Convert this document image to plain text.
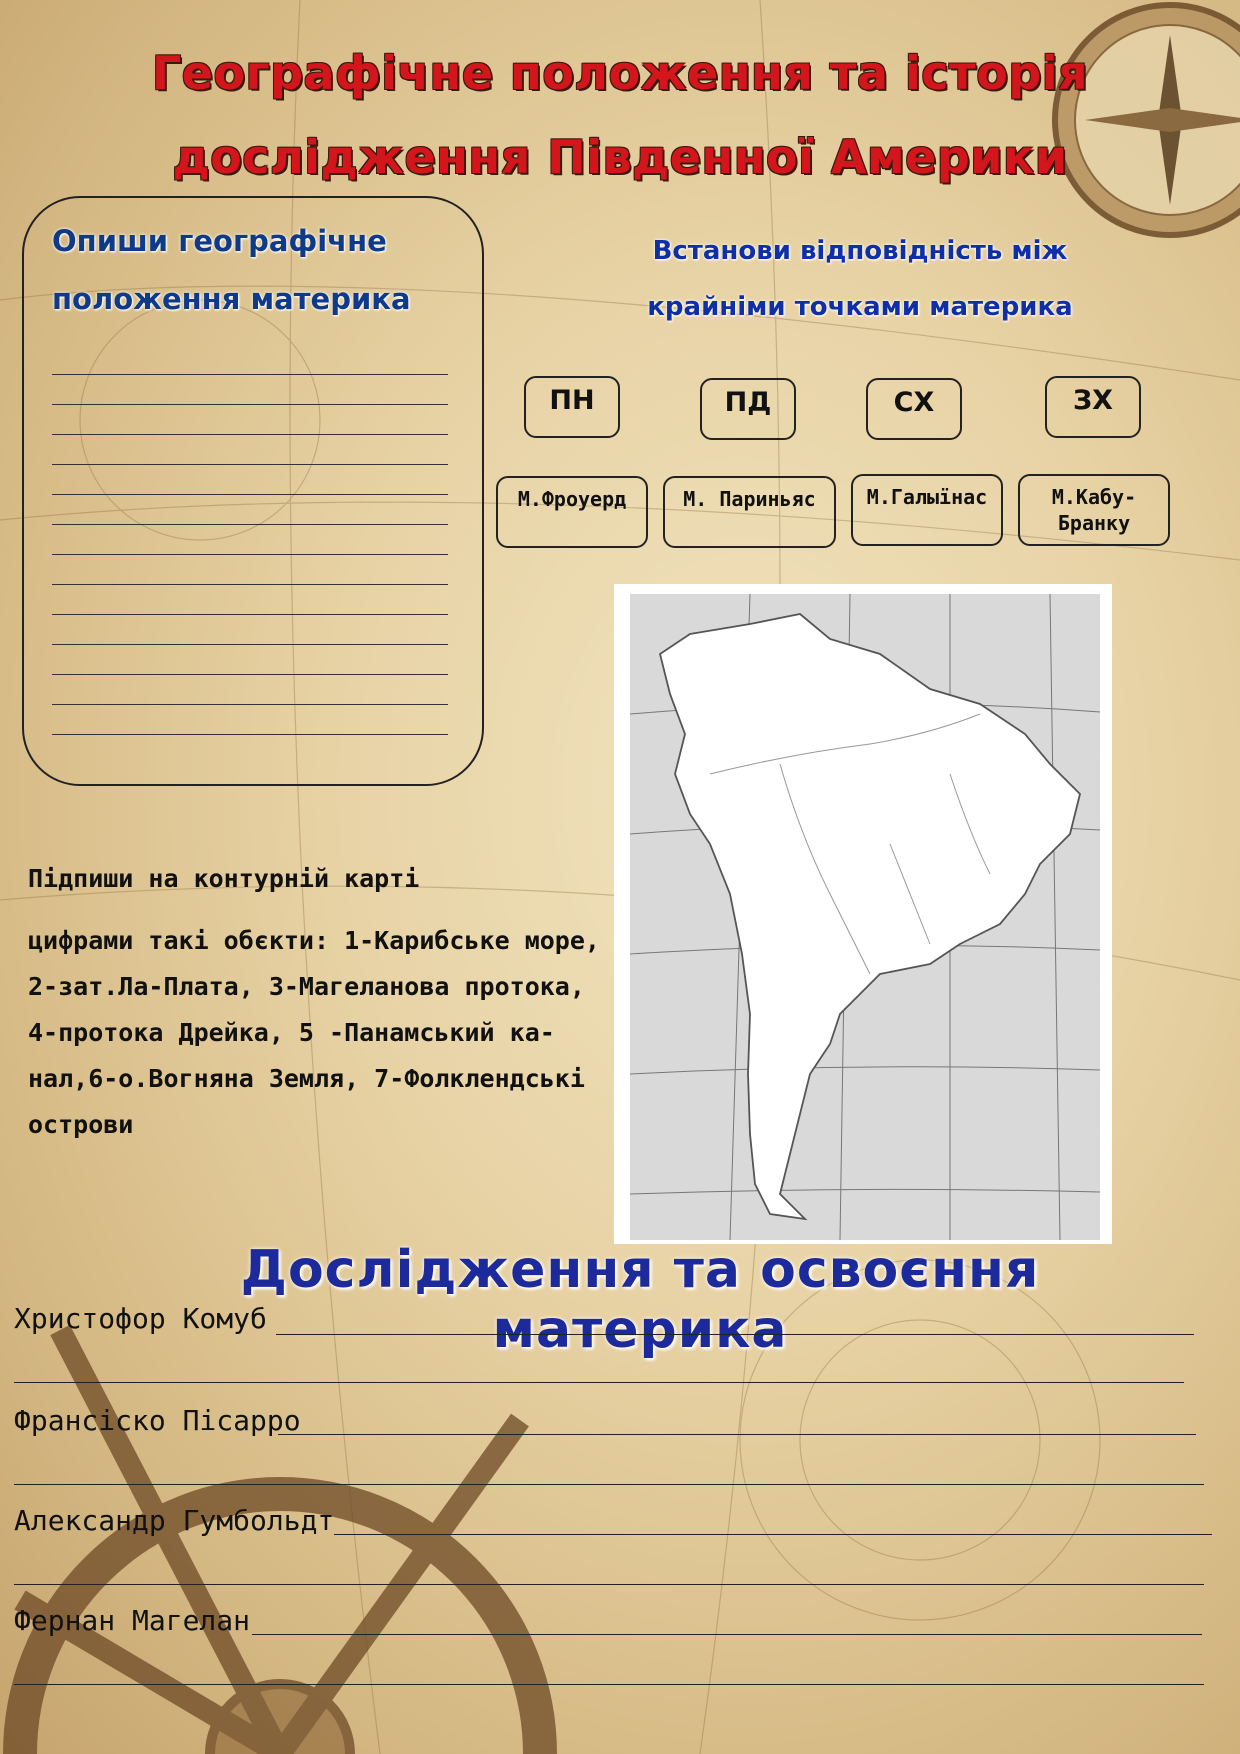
Географічне положення та історія
дослідження Південної Америки
Опиши географічне
положення материка
Встанови відповідність між
крайніми точками материка
ПН	ПД	СХ	ЗХ
М.Фроуерд	М. Париньяс	М.Галыїнас	М.Кабу-
Бранку
Підпиши на контурній карті
цифрами такі обєкти: 1-Карибське море,
2-зат.Ла-Плата, 3-Магеланова протока,
4-протока Дрейка, 5 -Панамський ка-
нал,6-о.Вогняна Земля, 7-Фолклендські
острови
Дослідження та освоєння материка
Христофор Комуб
Франсіско Пісарро
Александр Гумбольдт
Фернан Магелан
